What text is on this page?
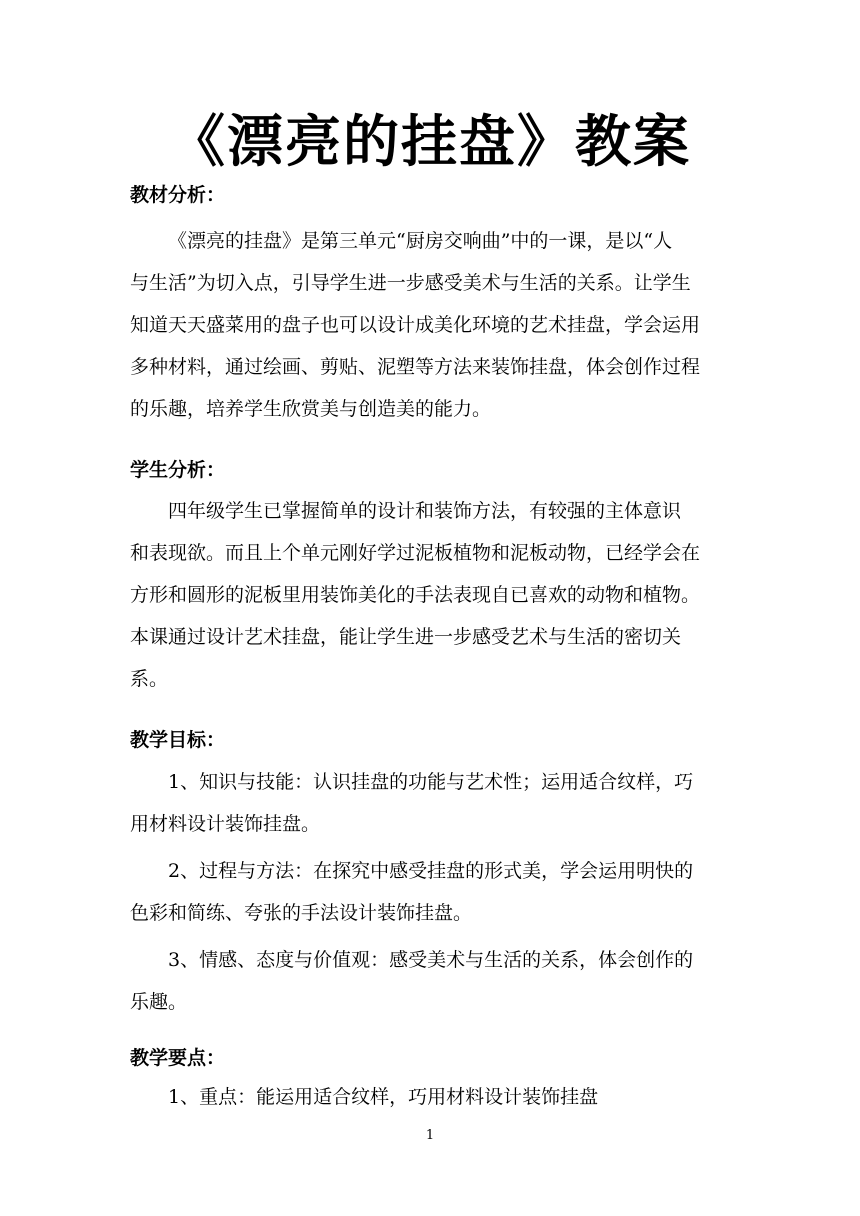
《漂亮的挂盘》教案
教材分析：
《漂亮的挂盘》是第三单元“厨房交响曲”中的一课，是以“人
与生活”为切入点，引导学生进一步感受美术与生活的关系。让学生
知道天天盛菜用的盘子也可以设计成美化环境的艺术挂盘，学会运用
多种材料，通过绘画、剪贴、泥塑等方法来装饰挂盘，体会创作过程
的乐趣，培养学生欣赏美与创造美的能力。
学生分析：
四年级学生已掌握简单的设计和装饰方法，有较强的主体意识
和表现欲。而且上个单元刚好学过泥板植物和泥板动物，已经学会在
方形和圆形的泥板里用装饰美化的手法表现自已喜欢的动物和植物。
本课通过设计艺术挂盘，能让学生进一步感受艺术与生活的密切关
系。
教学目标：
1、知识与技能：认识挂盘的功能与艺术性；运用适合纹样，巧
用材料设计装饰挂盘。
2、过程与方法：在探究中感受挂盘的形式美，学会运用明快的
色彩和简练、夸张的手法设计装饰挂盘。
3、情感、态度与价值观：感受美术与生活的关系，体会创作的
乐趣。
教学要点：
1、重点：能运用适合纹样，巧用材料设计装饰挂盘
1
